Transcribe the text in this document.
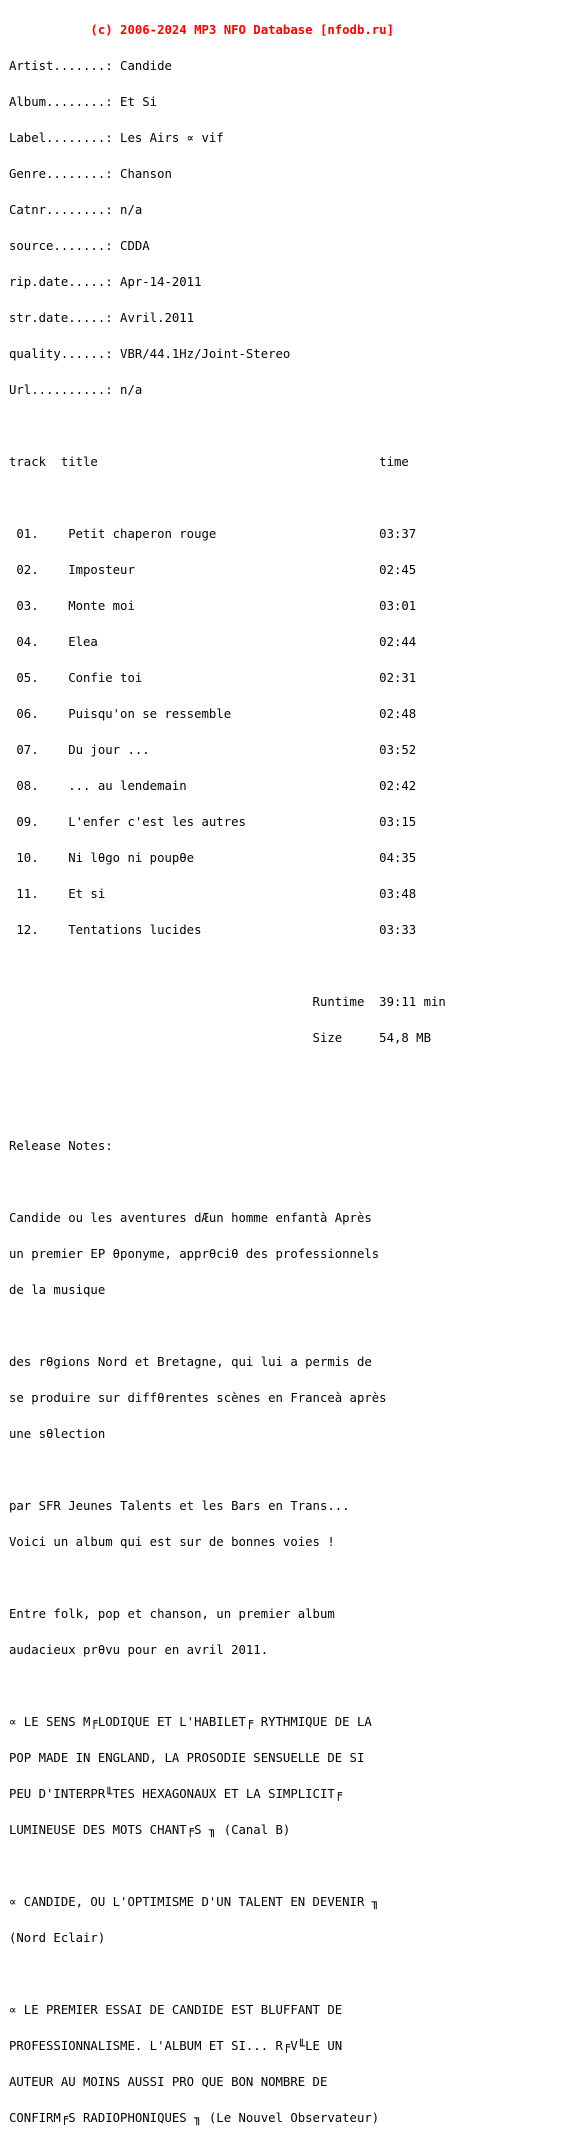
(c) 2006-2024 MP3 NFO Database [nfodb.ru]

Artist.......: Candide

Album........: Et Si

Label........: Les Airs ∝ vif

Genre........: Chanson

Catnr........: n/a

source.......: CDDA

rip.date.....: Apr-14-2011

str.date.....: Avril.2011

quality......: VBR/44.1Hz/Joint-Stereo

Url..........: n/a

track  title                                      time

01.    Petit chaperon rouge                      03:37

02.    Imposteur                                 02:45

03.    Monte moi                                 03:01

04.    Elea                                      02:44

05.    Confie toi                                02:31

06.    Puisqu'on se ressemble                    02:48

07.    Du jour ...                               03:52

08.    ... au lendemain                          02:42

09.    L'enfer c'est les autres                  03:15

10.    Ni lθgo ni poupθe                         04:35

11.    Et si                                     03:48

12.    Tentations lucides                        03:33

Runtime  39:11 min

Size     54,8 MB

Release Notes:

Candide ou les aventures dÆun homme enfantà Après

un premier EP θponyme, apprθciθ des professionnels

de la musique

des rθgions Nord et Bretagne, qui lui a permis de

se produire sur diffθrentes scènes en Franceà après

une sθlection

par SFR Jeunes Talents et les Bars en Trans...

Voici un album qui est sur de bonnes voies !

Entre folk, pop et chanson, un premier album

audacieux prθvu pour en avril 2011.

∝ LE SENS M╒LODIQUE ET L'HABILET╒ RYTHMIQUE DE LA

POP MADE IN ENGLAND, LA PROSODIE SENSUELLE DE SI

PEU D'INTERPR╙TES HEXAGONAUX ET LA SIMPLICIT╒

LUMINEUSE DES MOTS CHANT╒S ╖ (Canal B)

∝ CANDIDE, OU L'OPTIMISME D'UN TALENT EN DEVENIR ╖

(Nord Eclair)

∝ LE PREMIER ESSAI DE CANDIDE EST BLUFFANT DE

PROFESSIONNALISME. L'ALBUM ET SI... R╒V╙LE UN

AUTEUR AU MOINS AUSSI PRO QUE BON NOMBRE DE

CONFIRM╒S RADIOPHONIQUES ╖ (Le Nouvel Observateur)
